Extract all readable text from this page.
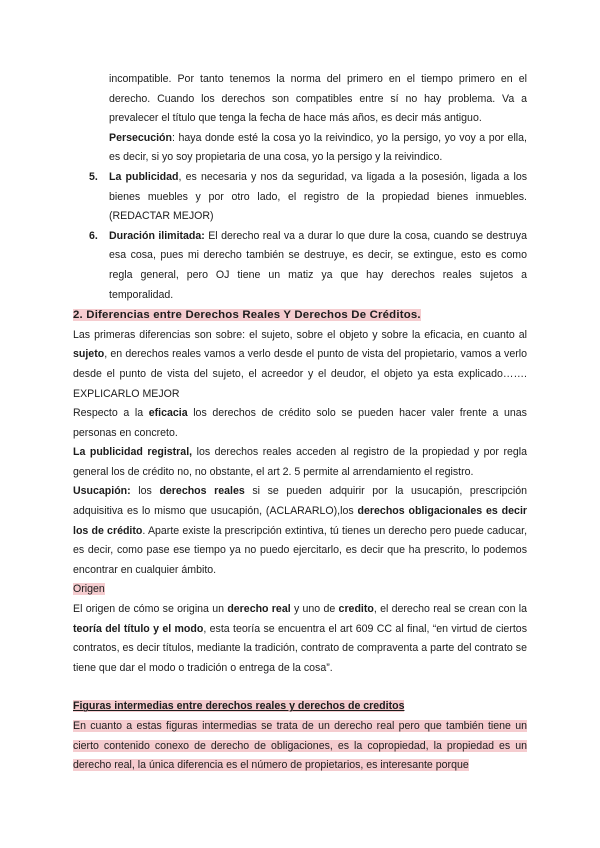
incompatible. Por tanto tenemos la norma del primero en el tiempo primero en el derecho. Cuando los derechos son compatibles entre sí no hay problema. Va a prevalecer el título que tenga la fecha de hace más años, es decir más antiguo.

Persecución: haya donde esté la cosa yo la reivindico, yo la persigo, yo voy a por ella, es decir, si yo soy propietaria de una cosa, yo la persigo y la reivindico.

5. La publicidad, es necesaria y nos da seguridad, va ligada a la posesión, ligada a los bienes muebles y por otro lado, el registro de la propiedad bienes inmuebles. (REDACTAR MEJOR)
6. Duración ilimitada: El derecho real va a durar lo que dure la cosa, cuando se destruya esa cosa, pues mi derecho también se destruye, es decir, se extingue, esto es como regla general, pero OJ tiene un matiz ya que hay derechos reales sujetos a temporalidad.

2. Diferencias entre Derechos Reales Y Derechos De Créditos.

Las primeras diferencias son sobre: el sujeto, sobre el objeto y sobre la eficacia, en cuanto al sujeto, en derechos reales vamos a verlo desde el punto de vista del propietario, vamos a verlo desde el punto de vista del sujeto, el acreedor y el deudor, el objeto ya esta explicado……. EXPLICARLO MEJOR

Respecto a la eficacia los derechos de crédito solo se pueden hacer valer frente a unas personas en concreto.

La publicidad registral, los derechos reales acceden al registro de la propiedad y por regla general los de crédito no, no obstante, el art 2. 5 permite al arrendamiento el registro.

Usucapión: los derechos reales si se pueden adquirir por la usucapión, prescripción adquisitiva es lo mismo que usucapión, (ACLARARLO),los derechos obligacionales es decir los de crédito. Aparte existe la prescripción extintiva, tú tienes un derecho pero puede caducar, es decir, como pase ese tiempo ya no puedo ejercitarlo, es decir que ha prescrito, lo podemos encontrar en cualquier ámbito.

Origen

El origen de cómo se origina un derecho real y uno de credito, el derecho real se crean con la teoría del título y el modo, esta teoría se encuentra el art 609 CC al final, “en virtud de ciertos contratos, es decir títulos, mediante la tradición, contrato de compraventa a parte del contrato se tiene que dar el modo o tradición o entrega de la cosa”.

Figuras intermedias entre derechos reales y derechos de creditos

En cuanto a estas figuras intermedias se trata de un derecho real pero que también tiene un cierto contenido conexo de derecho de obligaciones, es la copropiedad, la propiedad es un derecho real, la única diferencia es el número de propietarios, es interesante porque
